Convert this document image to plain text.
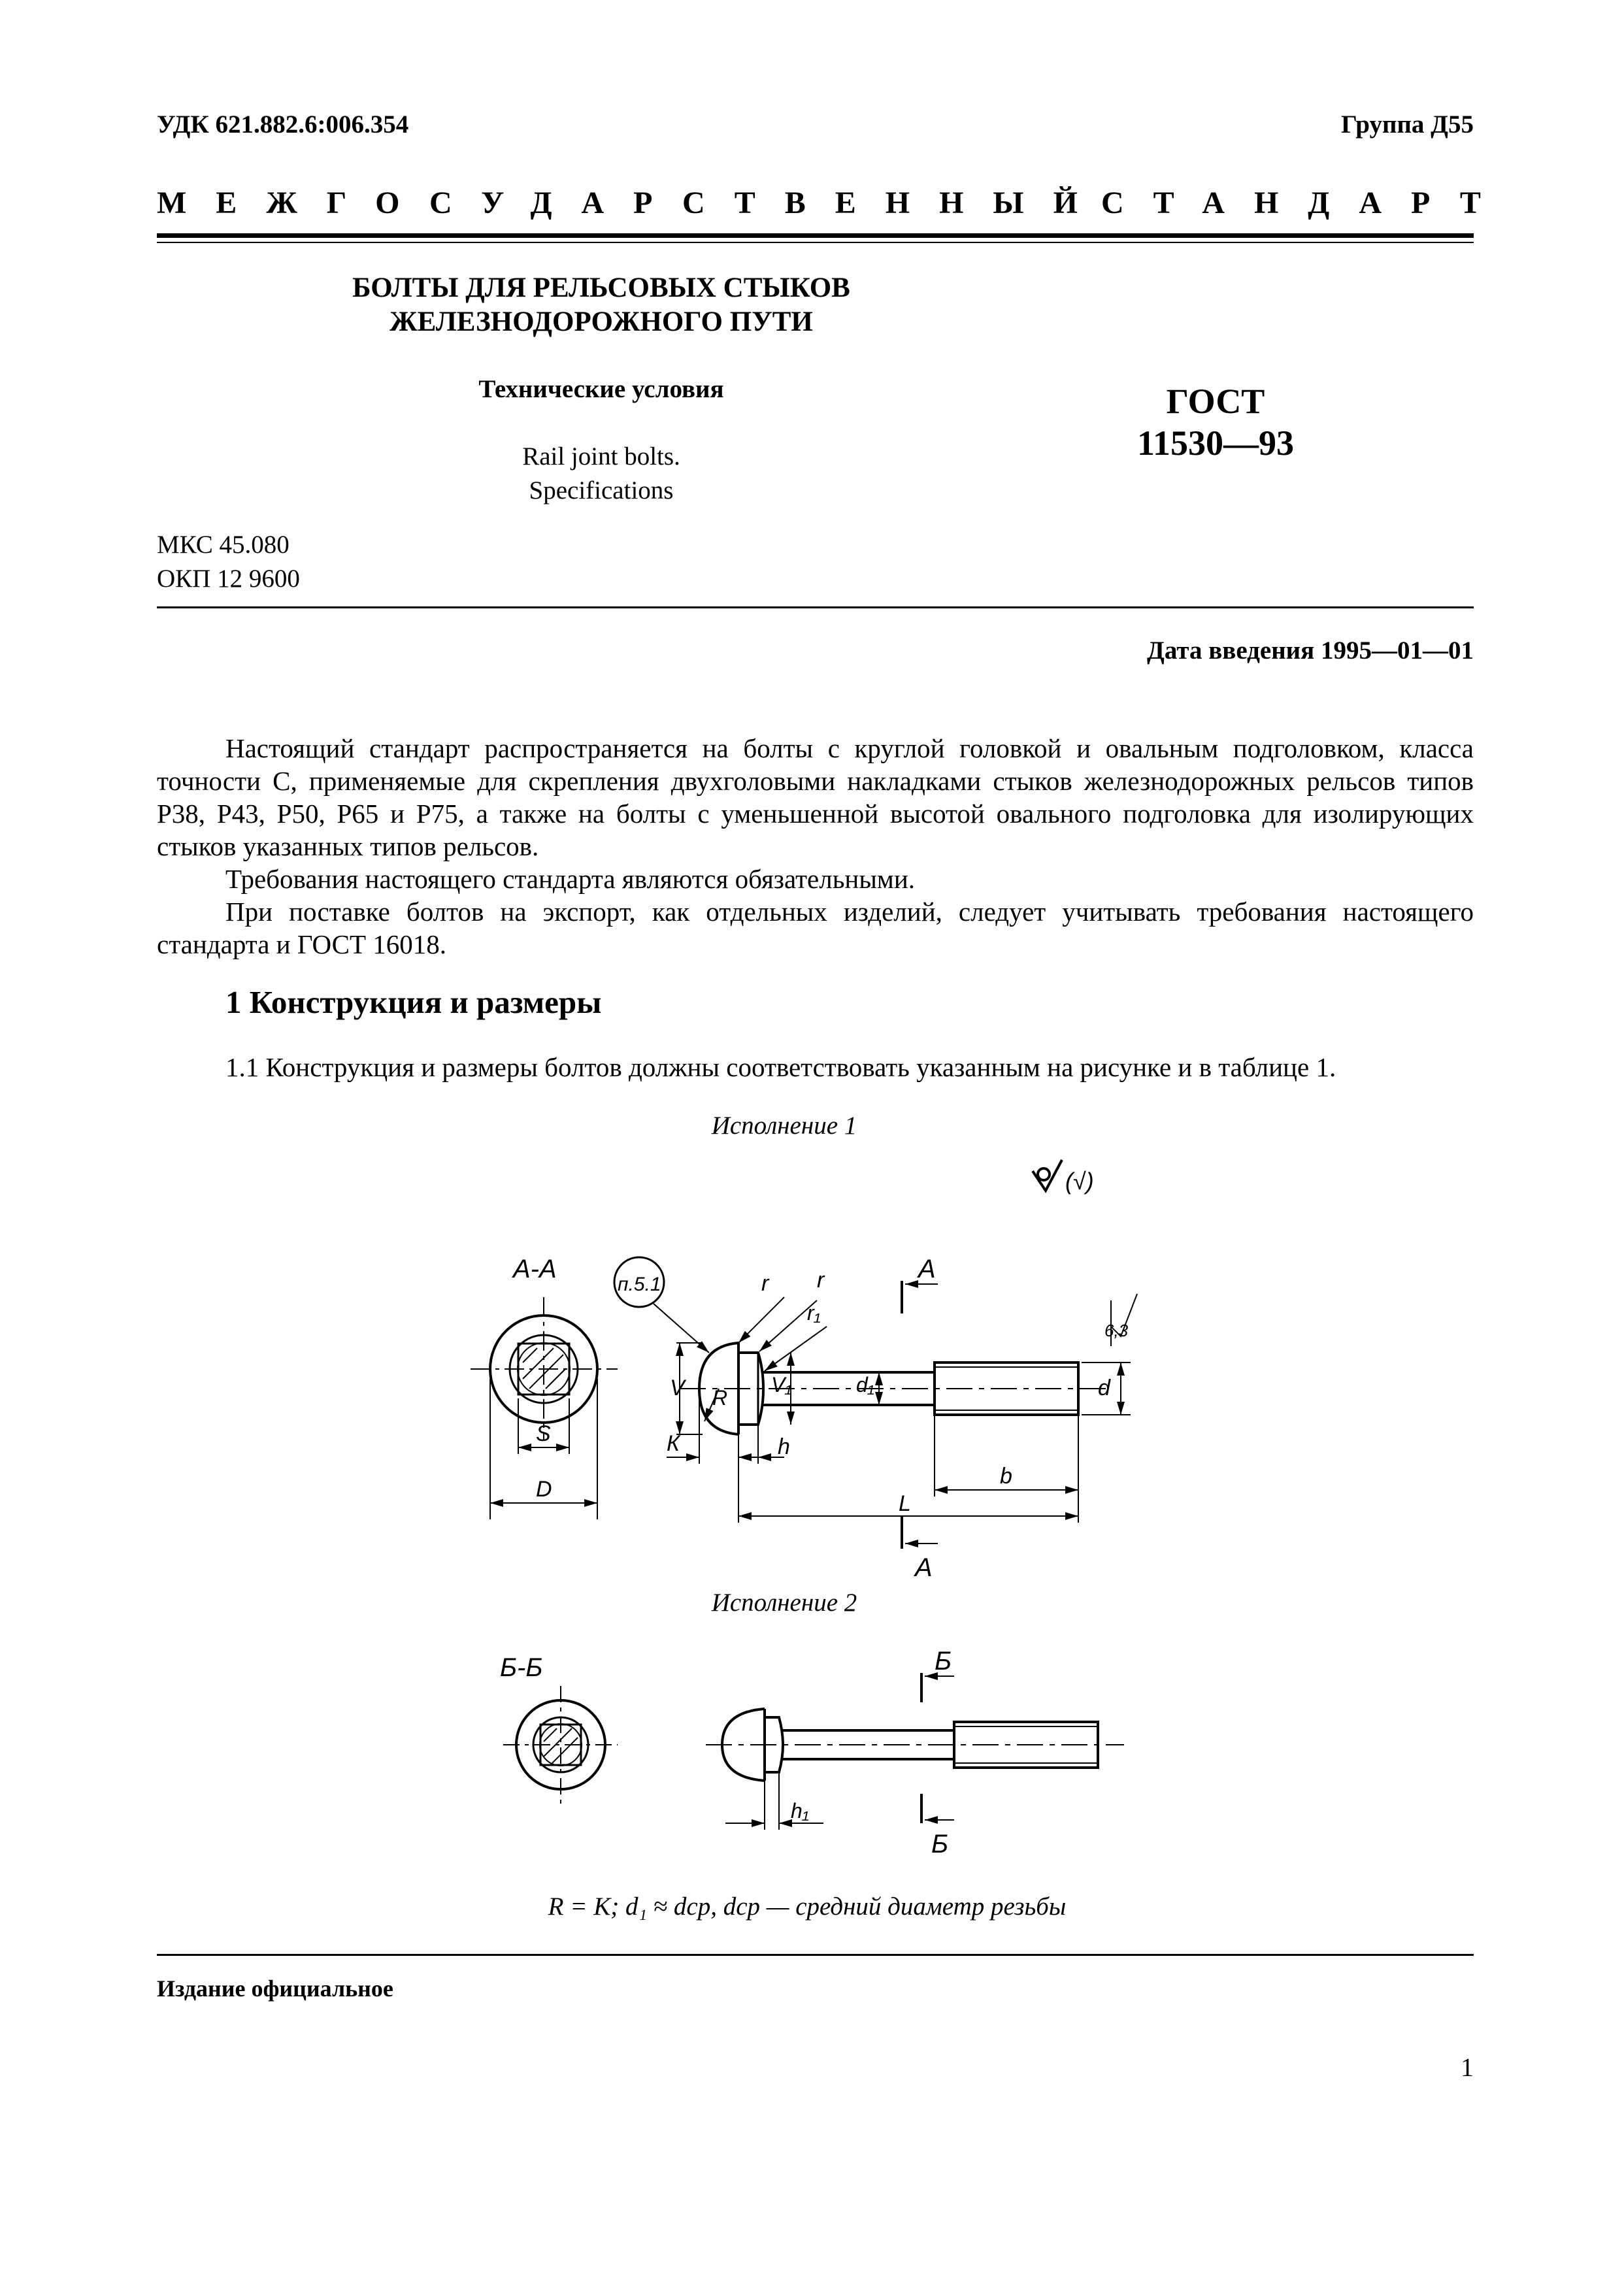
УДК 621.882.6:006.354	Группа Д55
МЕЖГОСУДАРСТВЕННЫЙ
СТАНДАРТ
БОЛТЫ ДЛЯ РЕЛЬСОВЫХ СТЫКОВ
ЖЕЛЕЗНОДОРОЖНОГО ПУТИ
Технические условия
Rail joint bolts.
Specifications
ГОСТ
11530—93
МКС 45.080
ОКП 12 9600
Дата введения 1995—01—01
Настоящий стандарт распространяется на болты с круглой головкой и овальным подголовком, класса точности С, применяемые для скрепления двухголовыми накладками стыков железнодорожных рельсов типов Р38, Р43, Р50, Р65 и Р75, а также на болты с уменьшенной высотой овального подголовка для изолирующих стыков указанных типов рельсов.
Требования настоящего стандарта являются обязательными.
При поставке болтов на экспорт, как отдельных изделий, следует учитывать требования настоящего стандарта и ГОСТ 16018.
1 Конструкция и размеры
1.1 Конструкция и размеры болтов должны соответствовать указанным на рисунке и в таблице 1.
Исполнение 1
Исполнение 2
(√)
А-А
S
D
п.5.1
А
А
r r
r₁
V R
V₁	d₁	d
6,3
К	h
b
L
Б-Б	Б
Б
h₁
R = К; d₁ ≈ dср, dср — средний диаметр резьбы
Издание официальное
1
